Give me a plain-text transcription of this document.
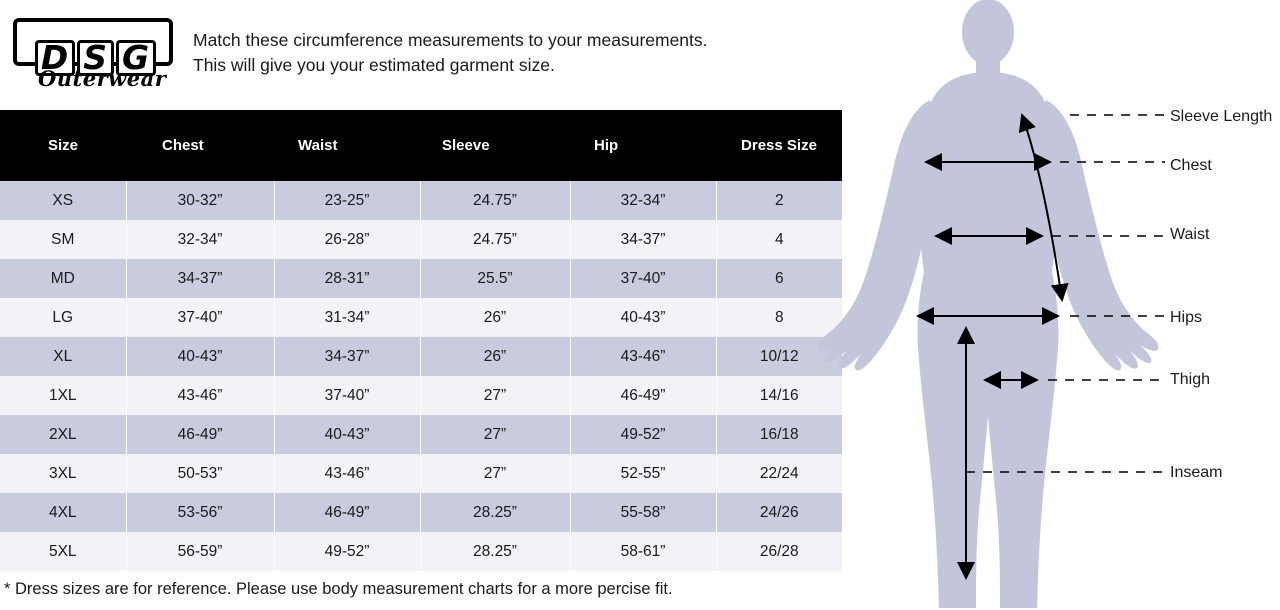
D S G
Outerwear
Match these circumference measurements to your measurements.
This will give you your estimated garment size.
Size	Chest	Waist	Sleeve	Hip	Dress Size
XS	30-32”	23-25”	24.75”	32-34”	2
SM	32-34”	26-28”	24.75”	34-37”	4
MD	34-37”	28-31”	25.5”	37-40”	6
LG	37-40”	31-34”	26”	40-43”	8
XL	40-43”	34-37”	26”	43-46”	10/12
1XL	43-46”	37-40”	27”	46-49”	14/16
2XL	46-49”	40-43”	27”	49-52”	16/18
3XL	50-53”	43-46”	27”	52-55”	22/24
4XL	53-56”	46-49”	28.25”	55-58”	24/26
5XL	56-59”	49-52”	28.25”	58-61”	26/28
* Dress sizes are for reference. Please use body measurement charts for a more percise fit.
Sleeve Length
Chest
Waist
Hips
Thigh
Inseam
